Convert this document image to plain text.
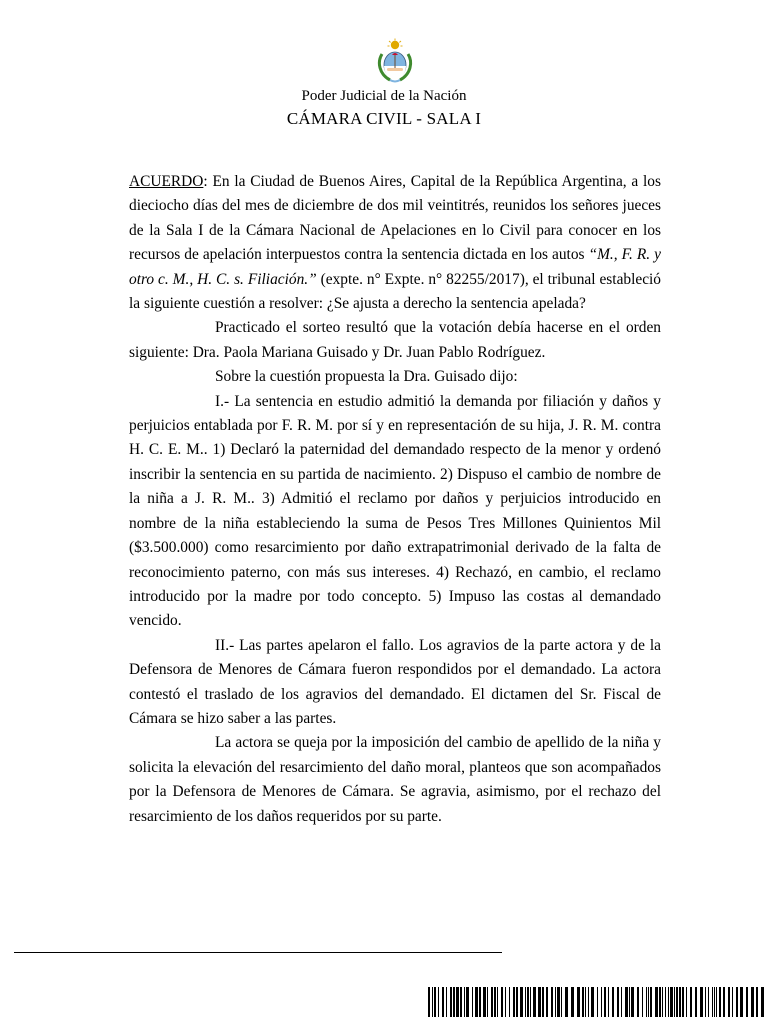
Poder Judicial de la Nación
CÁMARA CIVIL - SALA I

ACUERDO: En la Ciudad de Buenos Aires, Capital de la República Argentina, a los dieciocho días del mes de diciembre de dos mil veintitrés, reunidos los señores jueces de la Sala I de la Cámara Nacional de Apelaciones en lo Civil para conocer en los recursos de apelación interpuestos contra la sentencia dictada en los autos “M., F. R. y otro c. M., H. C. s. Filiación.” (expte. n° Expte. n° 82255/2017), el tribunal estableció la siguiente cuestión a resolver: ¿Se ajusta a derecho la sentencia apelada?

Practicado el sorteo resultó que la votación debía hacerse en el orden siguiente: Dra. Paola Mariana Guisado y Dr. Juan Pablo Rodríguez.

Sobre la cuestión propuesta la Dra. Guisado dijo:

I.- La sentencia en estudio admitió la demanda por filiación y daños y perjuicios entablada por F. R. M. por sí y en representación de su hija, J. R. M. contra H. C. E. M.. 1) Declaró la paternidad del demandado respecto de la menor y ordenó inscribir la sentencia en su partida de nacimiento. 2) Dispuso el cambio de nombre de la niña a J. R. M.. 3) Admitió el reclamo por daños y perjuicios introducido en nombre de la niña estableciendo la suma de Pesos Tres Millones Quinientos Mil ($3.500.000) como resarcimiento por daño extrapatrimonial derivado de la falta de reconocimiento paterno, con más sus intereses. 4) Rechazó, en cambio, el reclamo introducido por la madre por todo concepto. 5) Impuso las costas al demandado vencido.

II.- Las partes apelaron el fallo. Los agravios de la parte actora y de la Defensora de Menores de Cámara fueron respondidos por el demandado. La actora contestó el traslado de los agravios del demandado. El dictamen del Sr. Fiscal de Cámara se hizo saber a las partes.

La actora se queja por la imposición del cambio de apellido de la niña y solicita la elevación del resarcimiento del daño moral, planteos que son acompañados por la Defensora de Menores de Cámara. Se agravia, asimismo, por el rechazo del resarcimiento de los daños requeridos por su parte.
